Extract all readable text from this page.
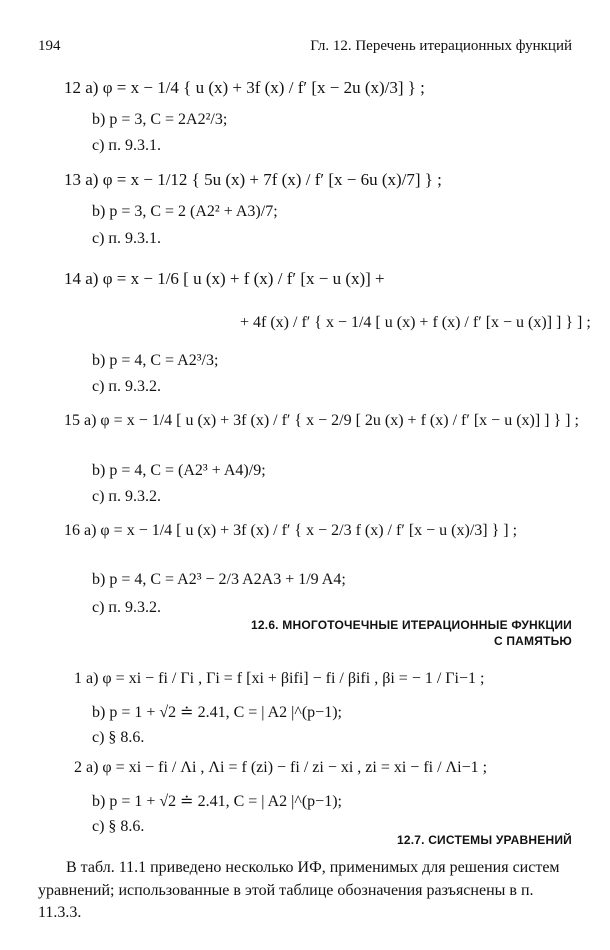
194	Гл. 12. Перечень итерационных функций
12 а) φ = x − 1/4 { u (x) + 3f (x) / f′ [x − 2u (x)/3] } ;
b) p = 3, C = 2A2²/3;
c) п. 9.3.1.
13 а) φ = x − 1/12 { 5u (x) + 7f (x) / f′ [x − 6u (x)/7] } ;
b) p = 3, C = 2 (A2² + A3)/7;
c) п. 9.3.1.
14 а) φ = x − 1/6 [ u (x) + f (x) / f′ [x − u (x)] +
+ 4f (x) / f′ { x − 1/4 [ u (x) + f (x) / f′ [x − u (x)] ] } ] ;
b) p = 4, C = A2³/3;
c) п. 9.3.2.
15 а) φ = x − 1/4 [ u (x) + 3f (x) / f′ { x − 2/9 [ 2u (x) + f (x) / f′ [x − u (x)] ] } ] ;
b) p = 4, C = (A2³ + A4)/9;
c) п. 9.3.2.
16 а) φ = x − 1/4 [ u (x) + 3f (x) / f′ { x − 2/3 f (x) / f′ [x − u (x)/3] } ] ;
b) p = 4, C = A2³ − 2/3 A2A3 + 1/9 A4;
c) п. 9.3.2.
12.6. МНОГОТОЧЕЧНЫЕ ИТЕРАЦИОННЫЕ ФУНКЦИИ
С ПАМЯТЬЮ
1 а) φ = xi − fi / Γi , Γi = f [xi + βifi] − fi / βifi , βi = − 1 / Γi−1 ;
b) p = 1 + √2 ≐ 2.41, C = | A2 |^(p−1);
c) § 8.6.
2 а) φ = xi − fi / Λi , Λi = f (zi) − fi / zi − xi , zi = xi − fi / Λi−1 ;
b) p = 1 + √2 ≐ 2.41, C = | A2 |^(p−1);
c) § 8.6.
12.7. СИСТЕМЫ УРАВНЕНИЙ
В табл. 11.1 приведено несколько ИФ, применимых для решения систем уравнений; использованные в этой таблице обозначения разъяснены в п. 11.3.3.
